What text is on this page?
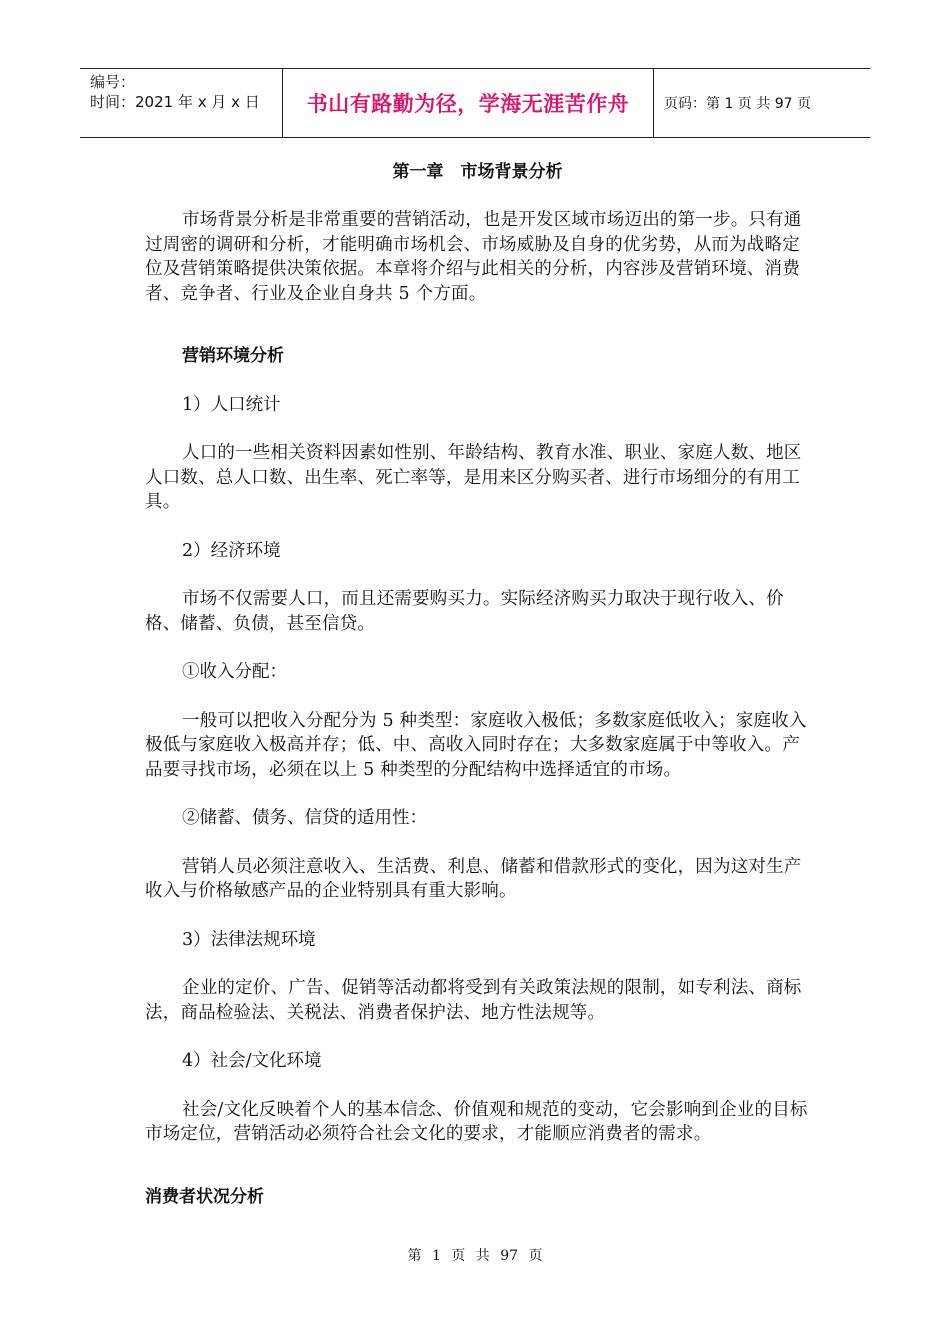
编号：
时间：2021 年 x 月 x 日	书山有路勤为径，学海无涯苦作舟	页码：第 1 页 共 97 页

第一章　市场背景分析

市场背景分析是非常重要的营销活动，也是开发区域市场迈出的第一步。只有通过周密的调研和分析，才能明确市场机会、市场威胁及自身的优劣势，从而为战略定位及营销策略提供决策依据。本章将介绍与此相关的分析，内容涉及营销环境、消费者、竞争者、行业及企业自身共 5 个方面。

营销环境分析

1）人口统计

人口的一些相关资料因素如性别、年龄结构、教育水准、职业、家庭人数、地区人口数、总人口数、出生率、死亡率等，是用来区分购买者、进行市场细分的有用工具。

2）经济环境

市场不仅需要人口，而且还需要购买力。实际经济购买力取决于现行收入、价格、储蓄、负债，甚至信贷。

①收入分配：

一般可以把收入分配分为 5 种类型：家庭收入极低；多数家庭低收入；家庭收入极低与家庭收入极高并存；低、中、高收入同时存在；大多数家庭属于中等收入。产品要寻找市场，必须在以上 5 种类型的分配结构中选择适宜的市场。

②储蓄、债务、信贷的适用性：

营销人员必须注意收入、生活费、利息、储蓄和借款形式的变化，因为这对生产收入与价格敏感产品的企业特别具有重大影响。

3）法律法规环境

企业的定价、广告、促销等活动都将受到有关政策法规的限制，如专利法、商标法，商品检验法、关税法、消费者保护法、地方性法规等。

4）社会/文化环境

社会/文化反映着个人的基本信念、价值观和规范的变动，它会影响到企业的目标市场定位，营销活动必须符合社会文化的要求，才能顺应消费者的需求。

消费者状况分析

第 1 页 共 97 页
